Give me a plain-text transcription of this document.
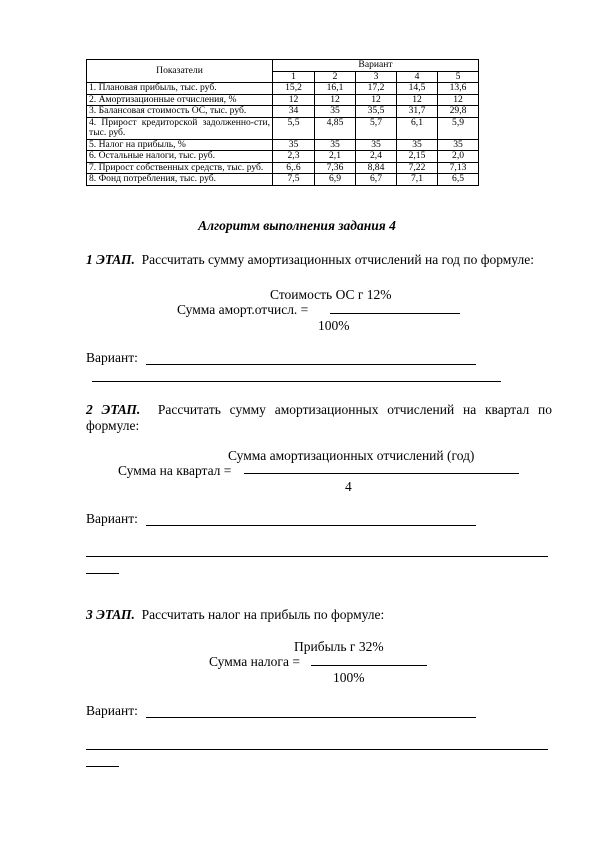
Показатели	Вариант				
	1	2	3	4	5
1. Плановая прибыль, тыс. руб.	15,2	16,1	17,2	14,5	13,6
2. Амортизационные отчисления, %	12	12	12	12	12
3. Балансовая стоимость ОС, тыс. руб.	34	35	35,5	31,7	29,8
4. Прирост кредиторской задолженно-сти, тыс. руб.	5,5	4,85	5,7	6,1	5,9
5. Налог на прибыль, %	35	35	35	35	35
6. Остальные налоги, тыс. руб.	2,3	2,1	2,4	2,15	2,0
7. Прирост собственных средств, тыс. руб.	6,.6	7,36	8,84	7,22	7,13
8. Фонд потребления, тыс. руб.	7,5	6,9	6,7	7,1	6,5
Алгоритм выполнения задания 4
1 ЭТАП. Рассчитать сумму амортизационных отчислений на год по формуле:
Стоимость ОС г 12%
Сумма аморт.отчисл. =
100%
Вариант:
2 ЭТАП. Рассчитать сумму амортизационных отчислений на квартал по формуле:
Сумма амортизационных отчислений (год)
Сумма на квартал =
4
Вариант:
3 ЭТАП. Рассчитать налог на прибыль по формуле:
Прибыль г 32%
Сумма налога =
100%
Вариант:
